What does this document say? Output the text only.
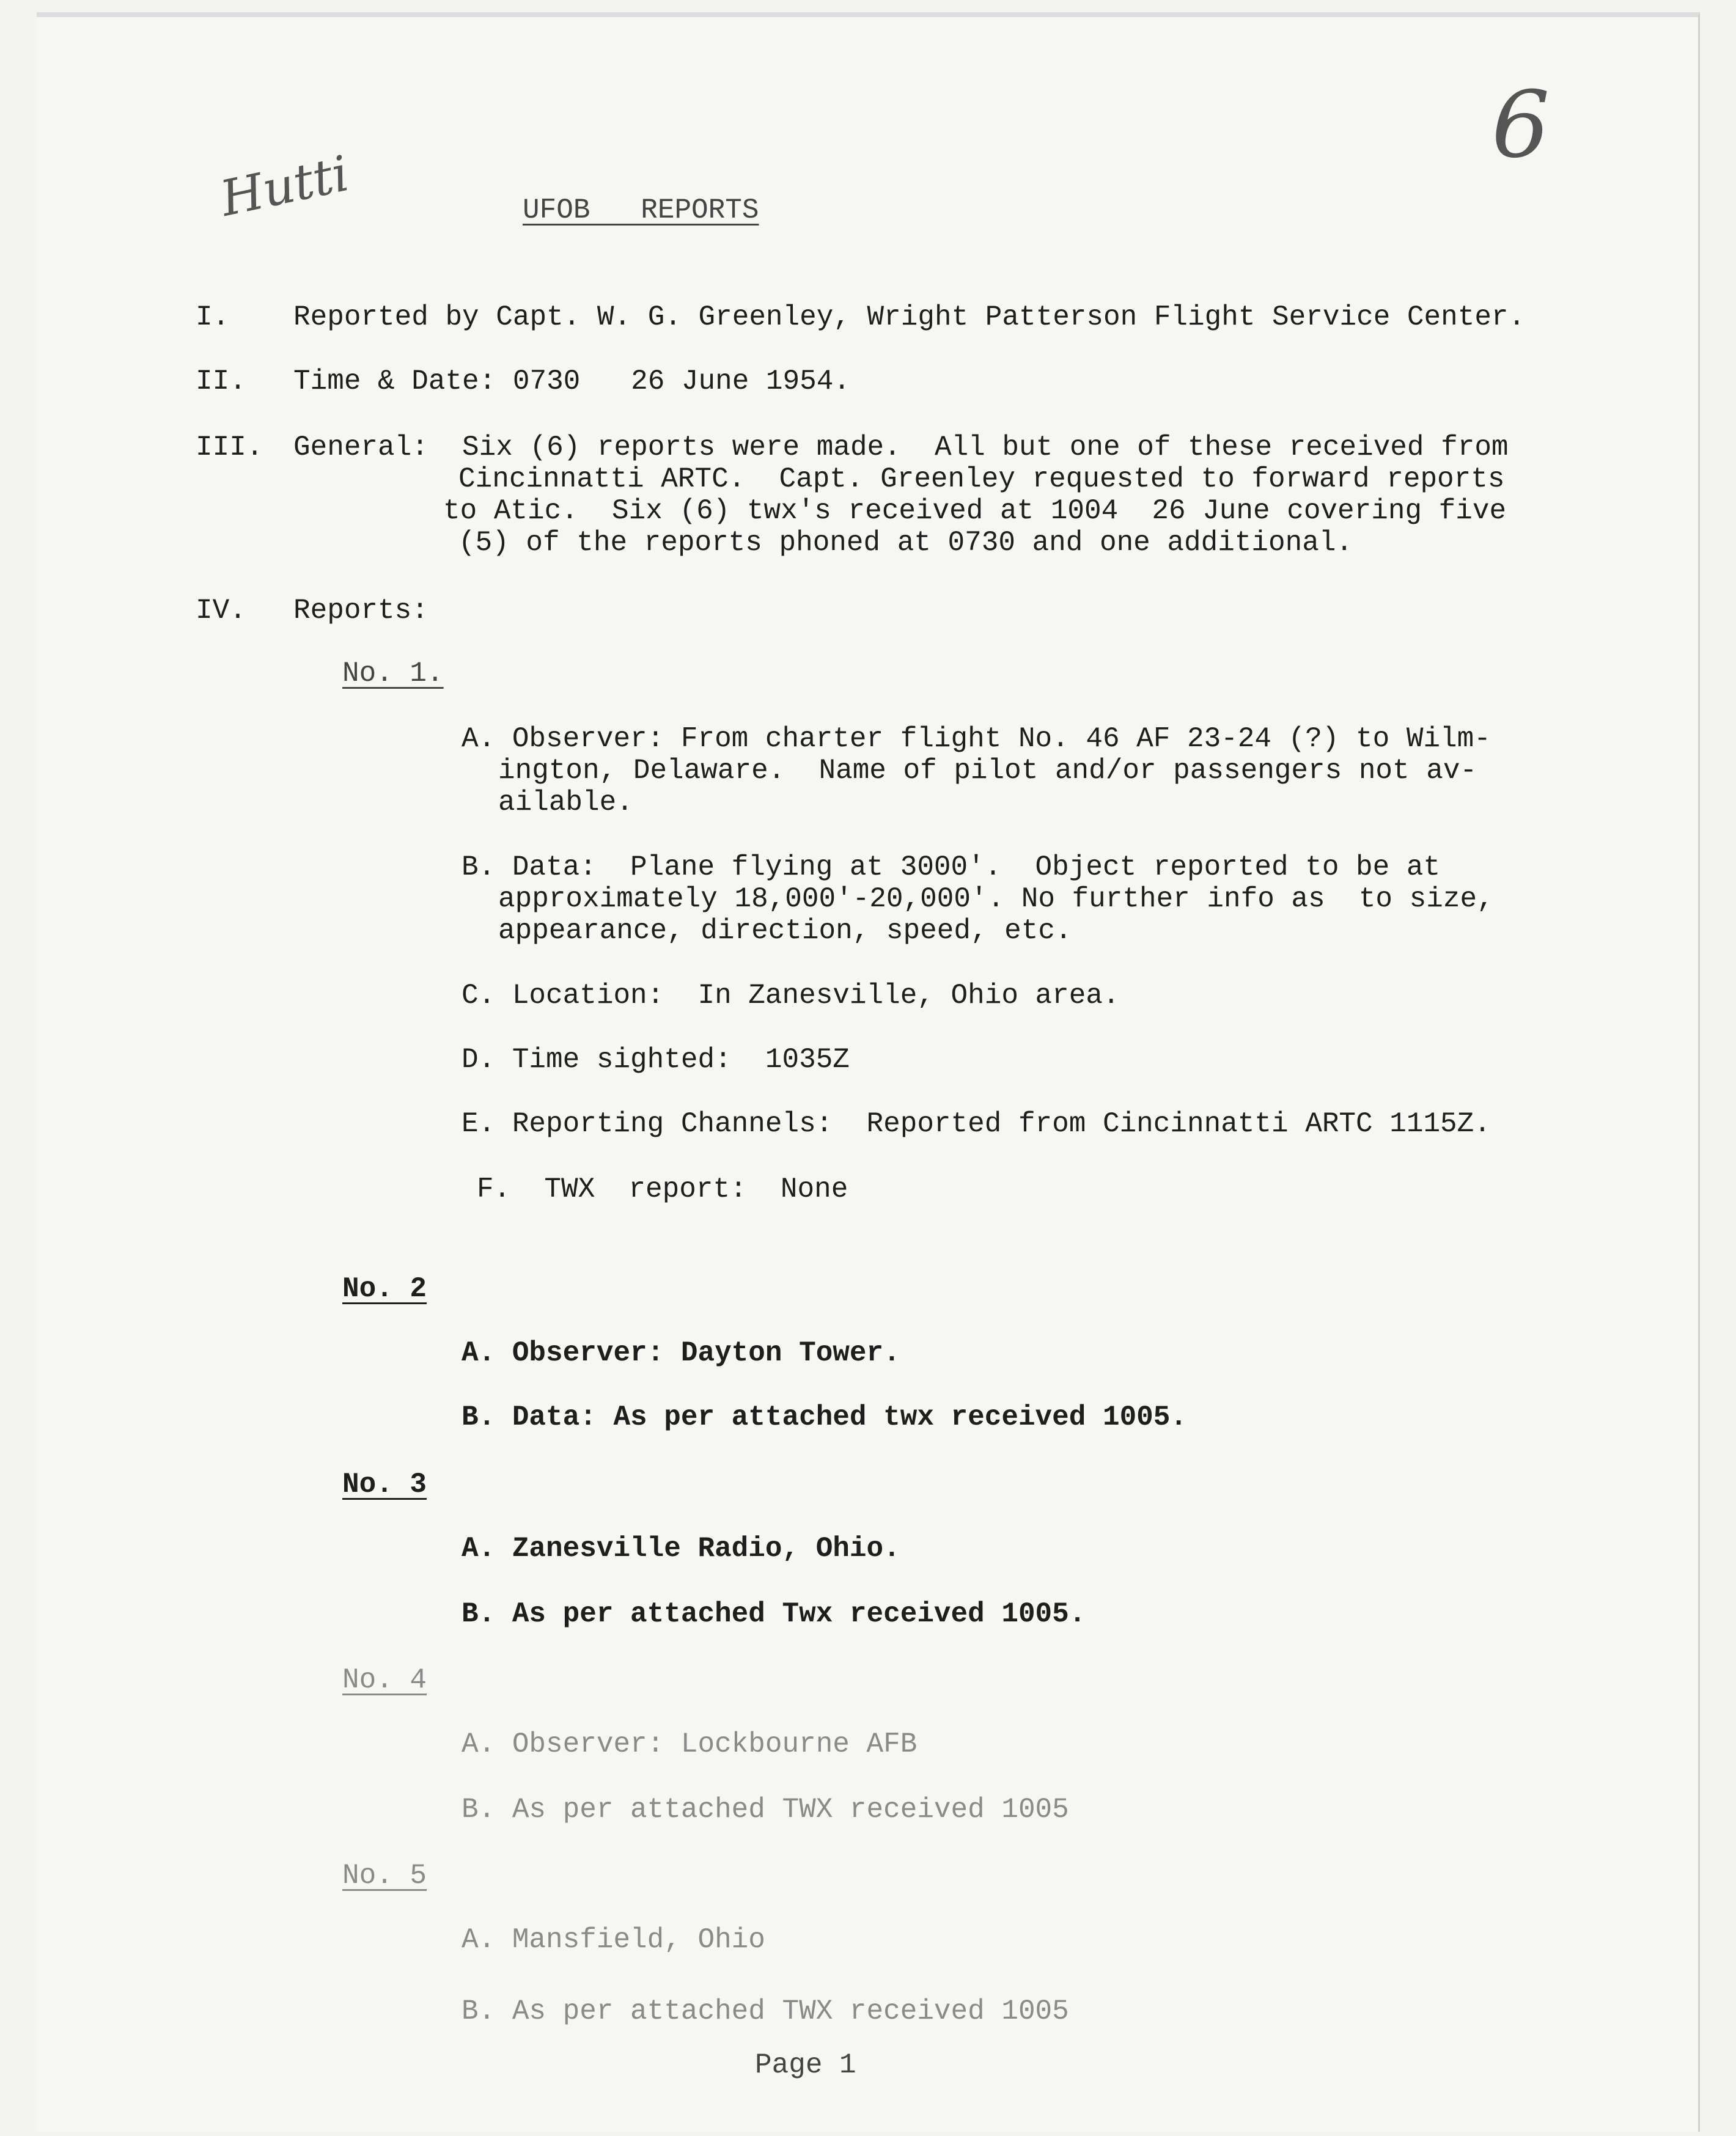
Hutti
6
UFOB   REPORTS
I. Reported by Capt. W. G. Greenley, Wright Patterson Flight Service Center.
II. Time & Date: 0730   26 June 1954.
III. General:  Six (6) reports were made.  All but one of these received from
Cincinnatti ARTC.  Capt. Greenley requested to forward reports
to Atic.  Six (6) twx's received at 1004  26 June covering five
(5) of the reports phoned at 0730 and one additional.
IV. Reports:
No. 1.
A. Observer: From charter flight No. 46 AF 23-24 (?) to Wilm-
ington, Delaware.  Name of pilot and/or passengers not av-
ailable.
B. Data:  Plane flying at 3000'.  Object reported to be at
approximately 18,000'-20,000'. No further info as  to size,
appearance, direction, speed, etc.
C. Location:  In Zanesville, Ohio area.
D. Time sighted:  1035Z
E. Reporting Channels:  Reported from Cincinnatti ARTC 1115Z.
F.  TWX  report:  None
No. 2
A. Observer: Dayton Tower.
B. Data: As per attached twx received 1005.
No. 3
A. Zanesville Radio, Ohio.
B. As per attached Twx received 1005.
No. 4
A. Observer: Lockbourne AFB
B. As per attached TWX received 1005
No. 5
A. Mansfield, Ohio
B. As per attached TWX received 1005
Page 1
